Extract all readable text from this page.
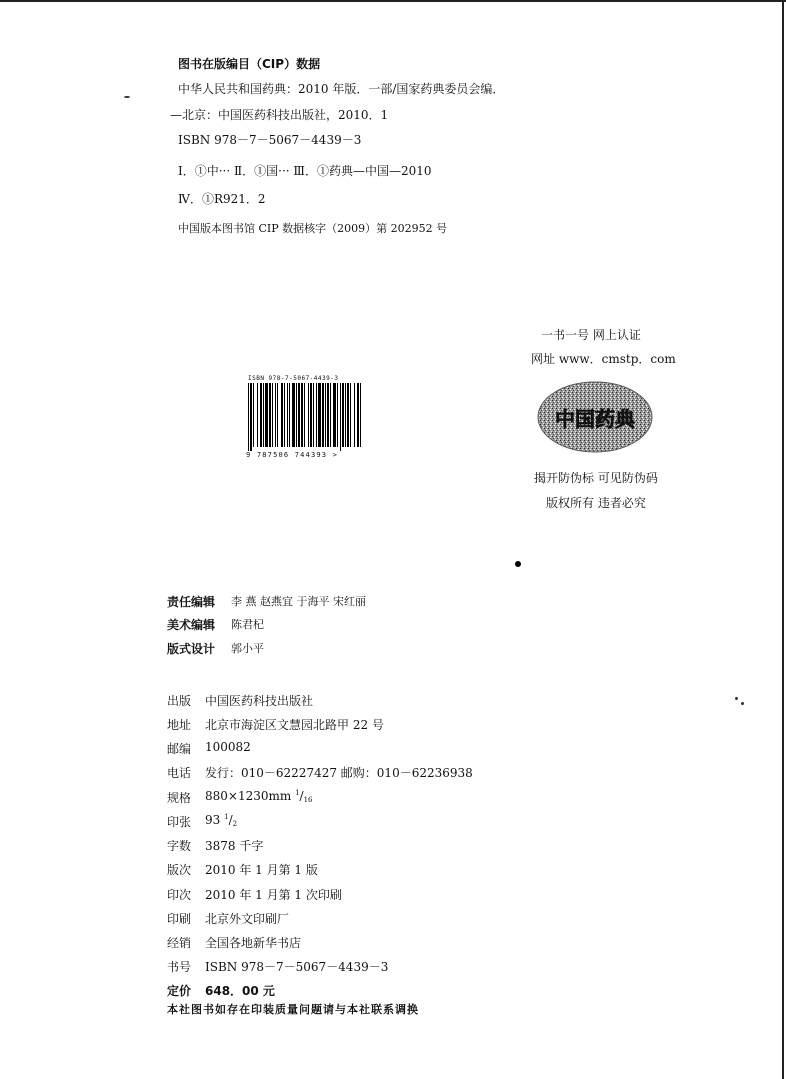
图书在版编目（CIP）数据
中华人民共和国药典：2010 年版．一部/国家药典委员会编．
—北京：中国医药科技出版社，2010．1
ISBN 978－7－5067－4439－3
Ⅰ．①中··· Ⅱ．①国··· Ⅲ．①药典—中国—2010
Ⅳ．①R921．2
中国版本图书馆 CIP 数据核字（2009）第 202952 号
一书一号 网上认证
网址 www．cmstp．com
中国药典
揭开防伪标 可见防伪码
版权所有 违者必究
ISBN 978-7-5067-4439-3
9 787506 744393 >
责任编辑 李 燕 赵燕宜 于海平 宋红丽
美术编辑 陈君杞
版式设计 郭小平
出版 中国医药科技出版社
地址 北京市海淀区文慧园北路甲 22 号
邮编 100082
电话 发行：010－62227427 邮购：010－62236938
规格 880×1230mm $^1/_{16}$
印张 93 $^1/_2$
字数 3878 千字
版次 2010 年 1 月第 1 版
印次 2010 年 1 月第 1 次印刷
印刷 北京外文印刷厂
经销 全国各地新华书店
书号 ISBN 978－7－5067－4439－3
定价 648．00 元
本社图书如存在印装质量问题请与本社联系调换
